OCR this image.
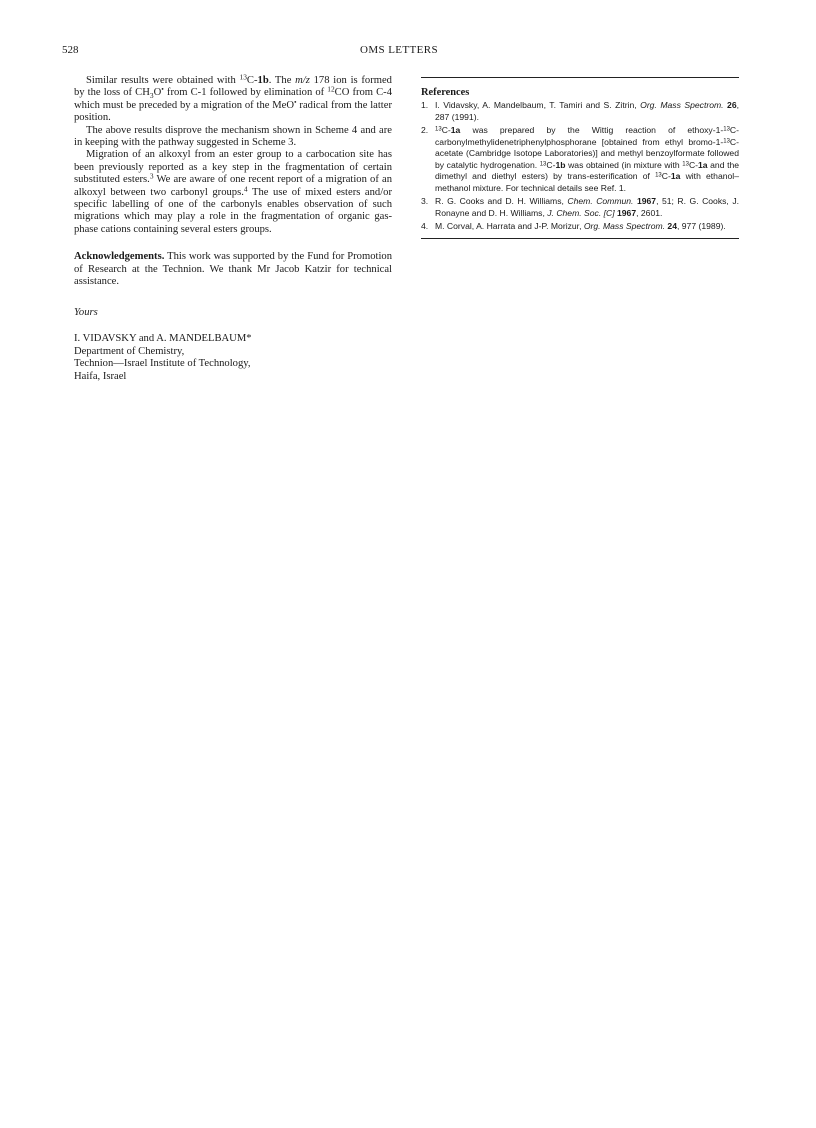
528	OMS LETTERS

Similar results were obtained with $^{13}$C-1b. The m/z 178 ion is formed by the loss of $CH_3O^•$ from C-1 followed by elimination of $^{12}$CO from C-4 which must be preceded by a migration of the MeO• radical from the latter position.

The above results disprove the mechanism shown in Scheme 4 and are in keeping with the pathway suggested in Scheme 3.

Migration of an alkoxyl from an ester group to a carbocation site has been previously reported as a key step in the fragmentation of certain substituted esters.$^3$ We are aware of one recent report of a migration of an alkoxyl between two carbonyl groups.$^4$ The use of mixed esters and/or specific labelling of one of the carbonyls enables observation of such migrations which may play a role in the fragmentation of organic gas-phase cations containing several esters groups.

Acknowledgements. This work was supported by the Fund for Promotion of Research at the Technion. We thank Mr Jacob Katzir for technical assistance.

Yours

I. VIDAVSKY and A. MANDELBAUM*
Department of Chemistry,
Technion—Israel Institute of Technology,
Haifa, Israel
References
1. I. Vidavsky, A. Mandelbaum, T. Tamiri and S. Zitrin, Org. Mass Spectrom. 26, 287 (1991).
2.	$^{13}$C-1a was prepared by the Wittig reaction of ethoxy-1-$^{13}$C-carbonylmethylidenetriphenylphosphorane [obtained from ethyl bromo-1-$^{13}$C-acetate (Cambridge Isotope Laboratories)] and methyl benzoylformate followed by catalytic hydrogenation. $^{13}$C-1b was obtained (in mixture with $^{13}$C-1a and the dimethyl and diethyl esters) by trans-esterification of $^{13}$C-1a with ethanol–methanol mixture. For technical details see Ref. 1.
3. R. G. Cooks and D. H. Williams, Chem. Commun. 1967, 51; R. G. Cooks, J. Ronayne and D. H. Williams, J. Chem. Soc. [C] 1967, 2601.
4. M. Corval, A. Harrata and J-P. Morizur, Org. Mass Spectrom. 24, 977 (1989).
